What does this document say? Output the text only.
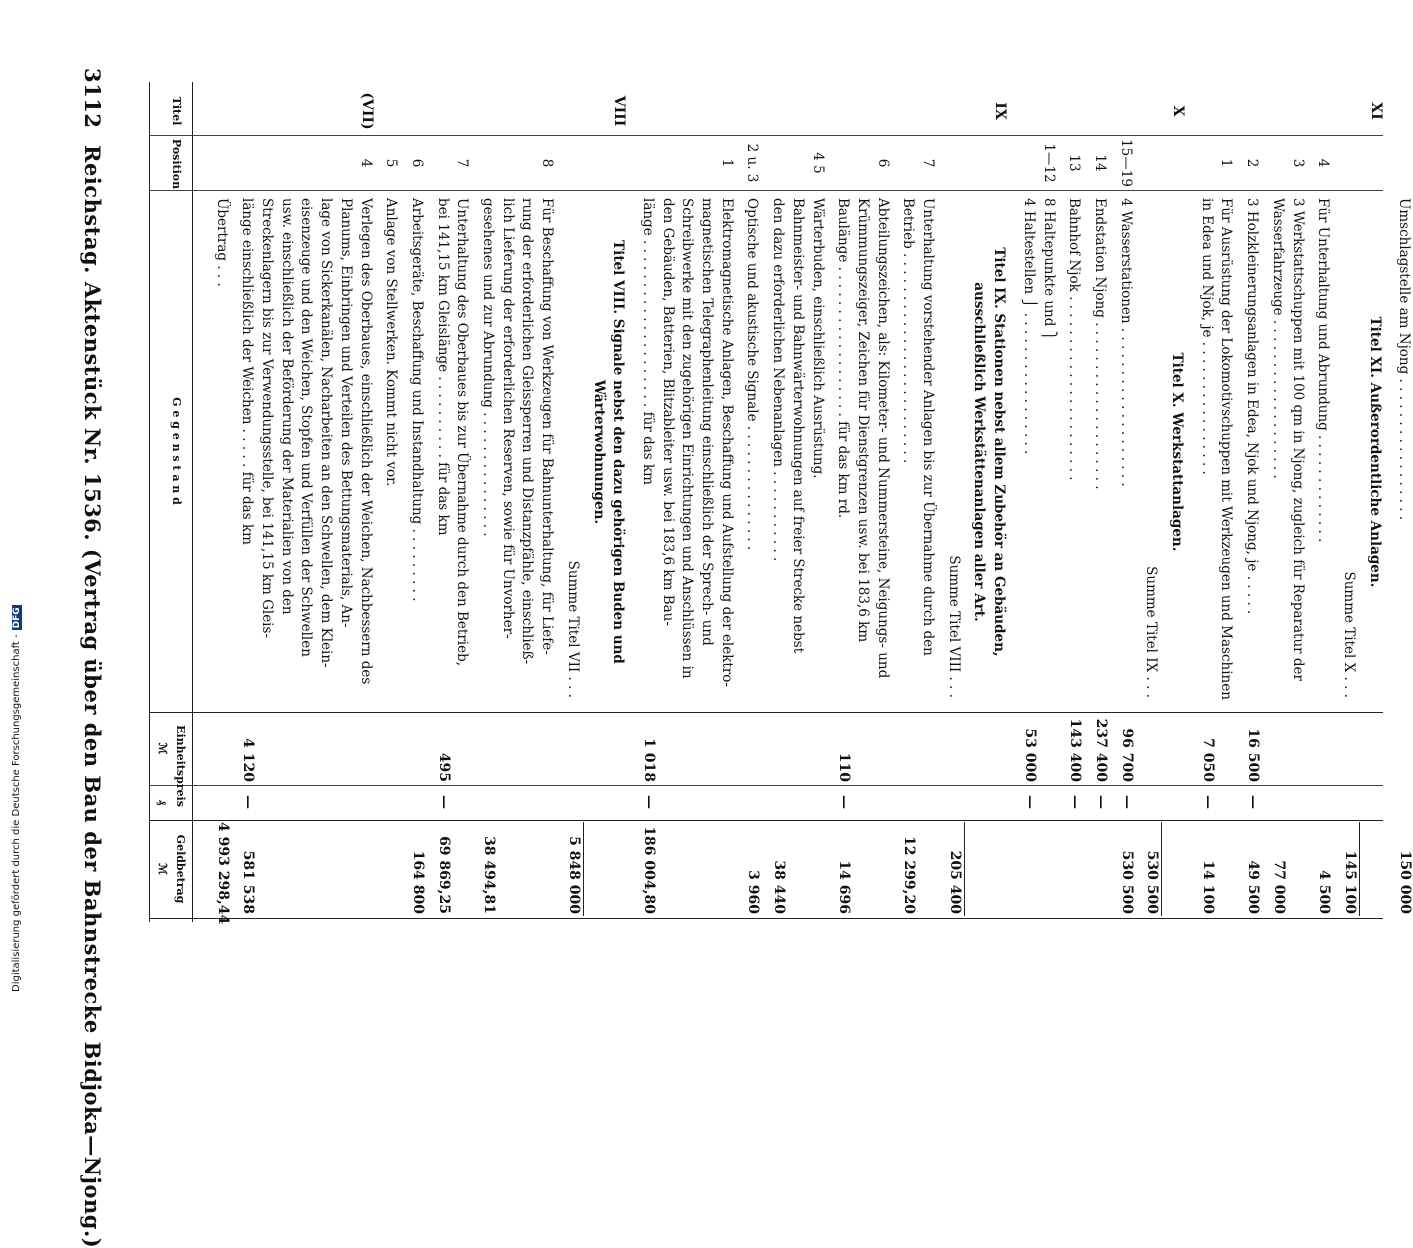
3112
Reichstag. Aktenstück Nr. 1536. (Vertrag über den Bau der Bahnstrecke Bidjoka—Njong.)
Titel
Position
G e g e n s t a n d
Einheitspreis
ℳ
₰
Geldbetrag
ℳ
Übertrag . . .
4 993 298,44
(VII)
4
Verlegen des Oberbaues, einschließlich der Weichen, Nachbessern des
Planums, Einbringen und Verteilen des Bettungsmaterials, An-
lage von Sickerkanälen, Nacharbeiten an den Schwellen, dem Klein-
eisenzeuge und den Weichen, Stopfen und Verfüllen der Schwellen
usw. einschließlich der Beförderung der Materialien von den
Streckenlagern bis zur Verwendungsstelle, bei 141,15 km Gleis-
länge einschließlich der Weichen . . . . . für das km
4 120
—
581 538
5
Anlage von Stellwerken. Kommt nicht vor.
6
Arbeitsgeräte, Beschaffung und Instandhaltung . . . . . . . . .
164 800
7
Unterhaltung des Oberbaues bis zur Übernahme durch den Betrieb,
bei 141,15 km Gleislänge . . . . . . . . . . für das km
495
—
69 869,25
8
Für Beschaffung von Werkzeugen für Bahnunterhaltung, für Liefe-
rung der erforderlichen Gleissperren und Distanzpfähle, einschließ-
lich Lieferung der erforderlichen Reserven, sowie für Unvorher-
gesehenes und zur Abrundung . . . . . . . . . . . . . . .
38 494,81
Summe Titel VII . . .
5 848 000
VIII
Titel VIII. Signale nebst den dazu gehörigen Buden und
Wärterwohnungen.
1
Elektromagnetische Anlagen, Beschaffung und Aufstellung der elektro-
magnetischen Telegraphenleitung einschließlich der Sprech- und
Schreibwerke mit den zugehörigen Einrichtungen und Anschlüssen in
den Gebäuden, Batterien, Blitzableiter usw. bei 183,6 km Bau-
länge . . . . . . . . . . . . . . . . . . . . für das km
1 018
—
186 004,80
2 u. 3
Optische und akustische Signale . . . . . . . . . . . . . . .
3 960
4 5
Wärterbuden, einschließlich Ausrüstung.
Bahnmeister- und Bahnwärterwohnungen auf freier Strecke nebst
den dazu erforderlichen Nebenanlagen . . . . . . . . . . .
38 440
6
Abteilungszeichen, als: Kilometer- und Nummersteine, Neigungs- und
Krümmungszeiger, Zeichen für Dienstgrenzen usw. bei 183,6 km
Baulänge . . . . . . . . . . . . . . . . . . für das km rd.
110
—
14 696
7
Unterhaltung vorstehender Anlagen bis zur Übernahme durch den
Betrieb . . . . . . . . . . . . . . . . . . . . . . . . .
12 299,20
Summe Titel VIII . . .
205 400
IX
Titel IX. Stationen nebst allem Zubehör an Gebäuden,
ausschließlich Werkstättenanlagen aller Art.
1—12
8 Haltepunkte und ⎫
4 Haltestellen ⎭ . . . . . . . . . . . . . . . . .
53 000
—
13
Bahnhof Njok . . . . . . . . . . . . . . . . . . . . . .
143 400
—
14
Endstation Njong . . . . . . . . . . . . . . . . . . . .
237 400
—
15—19
4 Wasserstationen . . . . . . . . . . . . . . . . . . .
96 700
—
530 500
Summe Titel IX . . .
530 500
X
Titel X. Werkstattanlagen.
1
Für Ausrüstung der Lokomotivschuppen mit Werkzeugen und Maschinen
in Edea und Njok, je . . . . . . . . . . . . . . . .
7 050
—
14 100
2
3 Holzkleinerungsanlagen in Edea, Njok und Njong, je . . . . .
16 500
—
49 500
3
3 Werkstattschuppen mit 100 qm in Njong, zugleich für Reparatur der
Wasserfahrzeuge . . . . . . . . . . . . . . . . . . .
77 000
4
Für Unterhaltung und Abrundung . . . . . . . . . . . . .
4 500
Summe Titel X . . .
145 100
XI
Titel XI. Außerordentliche Anlagen. Umschlagstelle am Njong . . . . . . . . . . . . . . . . .
150 000
Digitalisierung gefördert durch die Deutsche Forschungsgemeinschaft -DFG
